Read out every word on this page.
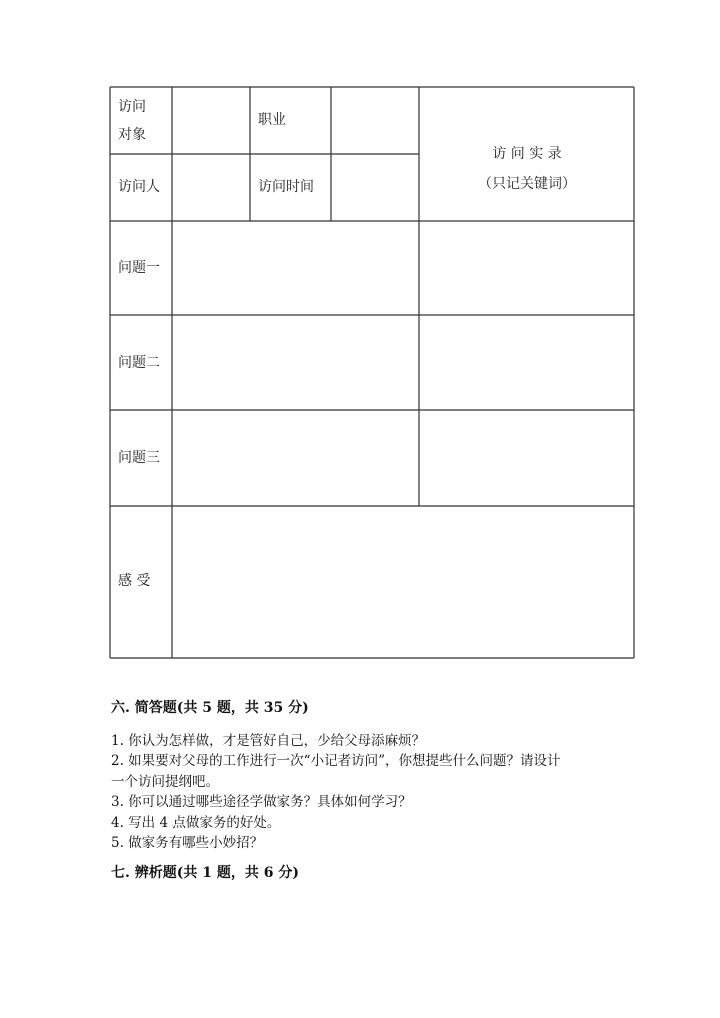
访问
对象

职业

访问人	访问时间

访 问 实 录

（只记关键词）

问题一

问题二

问题三

感 受

六. 简答题(共 5 题，共 35 分)

1. 你认为怎样做，才是管好自己，少给父母添麻烦？
2. 如果要对父母的工作进行一次“小记者访问”，你想提些什么问题？请设计
一个访问提纲吧。
3. 你可以通过哪些途径学做家务？具体如何学习？
4. 写出 4 点做家务的好处。
5. 做家务有哪些小妙招？

七. 辨析题(共 1 题，共 6 分)
